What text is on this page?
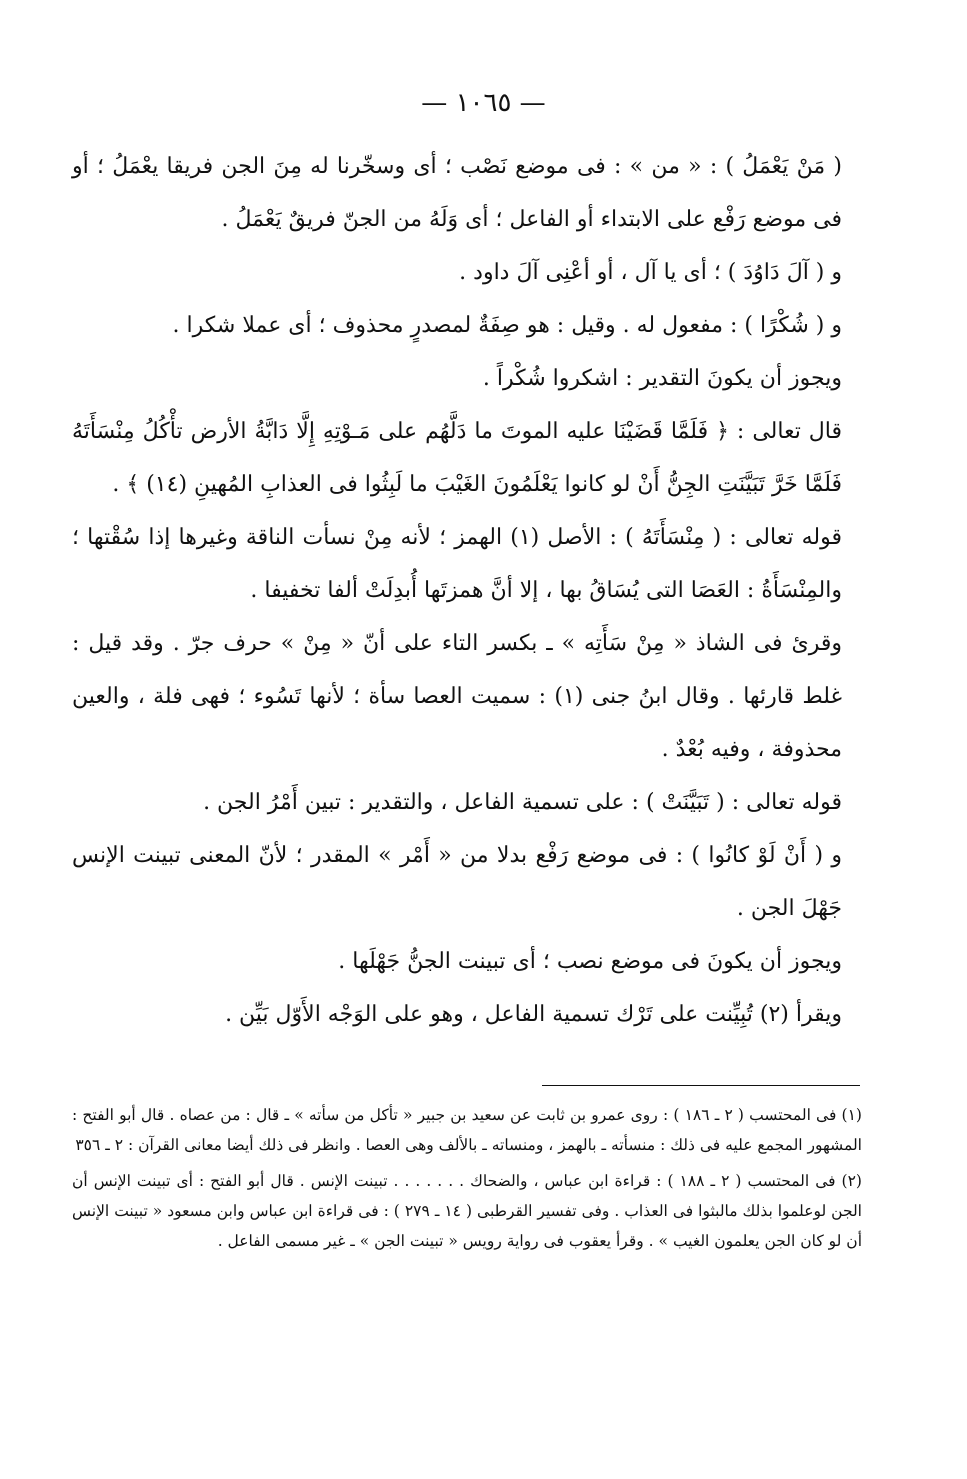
— ١٠٦٥ —

( مَنْ يَعْمَلُ ) : « من » : فى موضع نَصْب ؛ أى وسخّرنا له مِنَ الجن فريقا يعْمَلُ ؛ أو فى موضع رَفْع على الابتداء أو الفاعل ؛ أى وَلَهُ من الجنّ فريقٌ يَعْمَلُ .

و ( آلَ دَاوُدَ ) ؛ أى يا آل ، أو أعْنِى آلَ داود .

و ( شُكْرًا ) : مفعول له . وقيل : هو صِفَةٌ لمصدرٍ محذوف ؛ أى عملا شكرا .

ويجوز أن يكونَ التقدير : اشكروا شُكْراً .

قال تعالى : ﴿ فَلَمَّا قَضَيْنَا عليه الموتَ ما دَلَّهُم على مَـوْتِهِ إِلَّا دَابَّةُ الأرض تأْكُلُ مِنْسَأَتَهُ فَلَمَّا خَرَّ تَبَيَّنَتِ الجِنُّ أَنْ لو كانوا يَعْلَمُونَ الغَيْبَ ما لَبِثُوا فى العذابِ المُهينِ (١٤) ﴾ .

قوله تعالى : ( مِنْسَأَتَهُ ) : الأصل (١) الهمز ؛ لأنه مِنْ نسأت الناقة وغيرها إذا سُقْتها ؛ والمِنْسَأَةُ : العَصَا التى يُسَاقُ بها ، إلا أنَّ همزتَها أُبدِلَتْ ألفا تخفيفا .

وقرئ فى الشاذ « مِنْ سَأَتِه » ـ بكسر التاء على أنّ « مِنْ » حرف جرّ . وقد قيل : غلط قارئها . وقال ابنُ جنى (١) : سميت العصا سأة ؛ لأنها تَسُوء ؛ فهى فلة ، والعين محذوفة ، وفيه بُعْدٌ .

قوله تعالى : ( تَبَيَّنَتْ ) : على تسمية الفاعل ، والتقدير : تبين أَمْرُ الجن .

و ( أَنْ لَوْ كانُوا ) : فى موضع رَفْع بدلا من « أَمْر » المقدر ؛ لأنّ المعنى تبينت الإنس جَهْلَ الجن .

ويجوز أن يكونَ فى موضع نصب ؛ أى تبينت الجنُّ جَهْلَها .

ويقرأ (٢) تُبِيِّنت على تَرْك تسمية الفاعل ، وهو على الوَجْه الأَوّل بَيِّن .

(١) فى المحتسب ( ٢ ـ ١٨٦ ) : روى عمرو بن ثابت عن سعيد بن جبير « تأكل من سأته » ـ قال : من عصاه . قال أبو الفتح : المشهور المجمع عليه فى ذلك : منسأته ـ بالهمز ، ومنساته ـ بالألف وهى العصا . وانظر فى ذلك أيضا معانى القرآن : ٢ ـ ٣٥٦

(٢) فى المحتسب ( ٢ ـ ١٨٨ ) : قراءة ابن عباس ، والضحاك . . . . . . . تبينت الإنس . قال أبو الفتح : أى تبينت الإنس أن الجن لوعلموا بذلك مالبثوا فى العذاب . وفى تفسير القرطبى ( ١٤ ـ ٢٧٩ ) : فى قراءة ابن عباس وابن مسعود « تبينت الإنس أن لو كان الجن يعلمون الغيب » . وقرأ يعقوب فى رواية رويس « تبينت الجن » ـ غير مسمى الفاعل .
